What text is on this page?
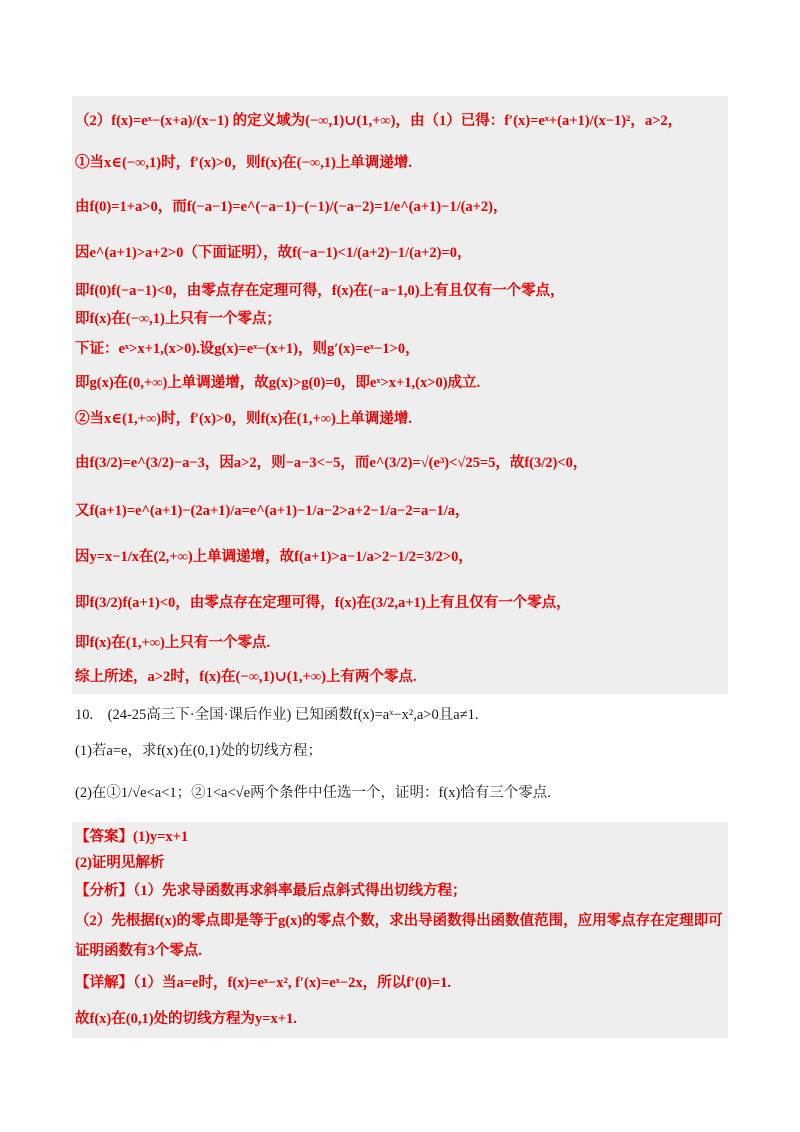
（2）f(x)=eˣ−(x+a)/(x−1) 的定义域为(−∞,1)∪(1,+∞)，由（1）已得：f′(x)=eˣ+(a+1)/(x−1)²，a>2，
①当x∈(−∞,1)时，f′(x)>0，则f(x)在(−∞,1)上单调递增.
由f(0)=1+a>0，而f(−a−1)=e^(−a−1)−(−1)/(−a−2)=1/e^(a+1)−1/(a+2)，
因e^(a+1)>a+2>0（下面证明），故f(−a−1)<1/(a+2)−1/(a+2)=0，
即f(0)f(−a−1)<0，由零点存在定理可得，f(x)在(−a−1,0)上有且仅有一个零点，
即f(x)在(−∞,1)上只有一个零点；
下证：eˣ>x+1,(x>0).设g(x)=eˣ−(x+1)，则g′(x)=eˣ−1>0，
即g(x)在(0,+∞)上单调递增，故g(x)>g(0)=0，即eˣ>x+1,(x>0)成立.
②当x∈(1,+∞)时，f′(x)>0，则f(x)在(1,+∞)上单调递增.
由f(3/2)=e^(3/2)−a−3，因a>2，则−a−3<−5，而e^(3/2)=√(e³)<√25=5，故f(3/2)<0，
又f(a+1)=e^(a+1)−(2a+1)/a=e^(a+1)−1/a−2>a+2−1/a−2=a−1/a，
因y=x−1/x在(2,+∞)上单调递增，故f(a+1)>a−1/a>2−1/2=3/2>0，
即f(3/2)f(a+1)<0，由零点存在定理可得，f(x)在(3/2,a+1)上有且仅有一个零点，
即f(x)在(1,+∞)上只有一个零点.
综上所述，a>2时，f(x)在(−∞,1)∪(1,+∞)上有两个零点.
10.　(24-25高三下·全国·课后作业) 已知函数f(x)=aˣ−x²,a>0且a≠1.
(1)若a=e，求f(x)在(0,1)处的切线方程；
(2)在①1/√e<a<1；②1<a<√e两个条件中任选一个，证明：f(x)恰有三个零点.
【答案】(1)y=x+1
(2)证明见解析
【分析】（1）先求导函数再求斜率最后点斜式得出切线方程；
（2）先根据f(x)的零点即是等于g(x)的零点个数，求出导函数得出函数值范围，应用零点存在定理即可
证明函数有3个零点.
【详解】（1）当a=e时，f(x)=eˣ−x², f′(x)=eˣ−2x，所以f′(0)=1.
故f(x)在(0,1)处的切线方程为y=x+1.
